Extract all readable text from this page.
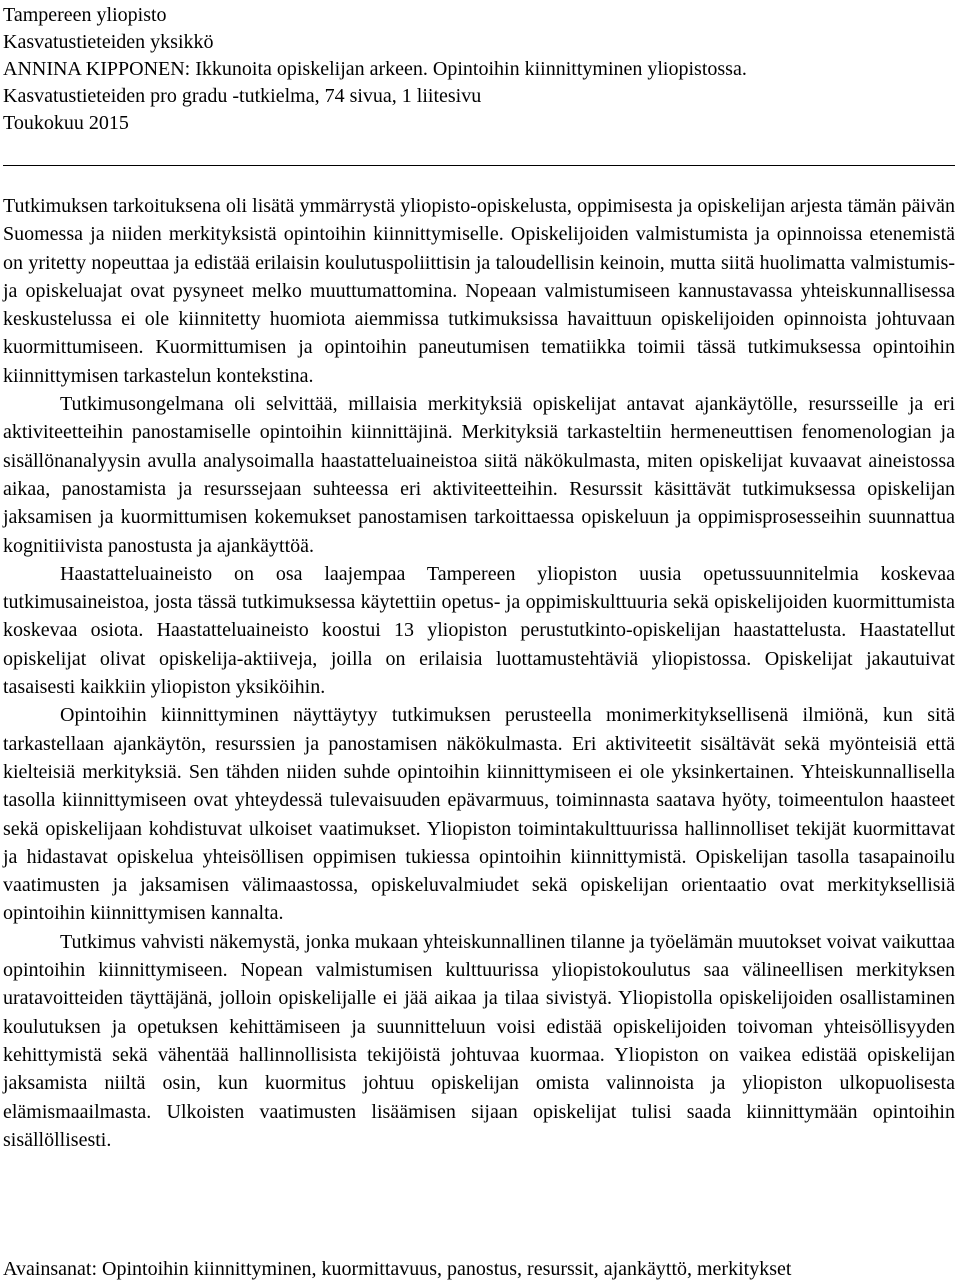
Tampereen yliopisto
Kasvatustieteiden yksikkö
ANNINA KIPPONEN: Ikkunoita opiskelijan arkeen. Opintoihin kiinnittyminen yliopistossa.
Kasvatustieteiden pro gradu -tutkielma, 74 sivua, 1 liitesivu
Toukokuu 2015

Tutkimuksen tarkoituksena oli lisätä ymmärrystä yliopisto-opiskelusta, oppimisesta ja opiskelijan arjesta tämän päivän Suomessa ja niiden merkityksistä opintoihin kiinnittymiselle. Opiskelijoiden valmistumista ja opinnoissa etenemistä on yritetty nopeuttaa ja edistää erilaisin koulutuspoliittisin ja taloudellisin keinoin, mutta siitä huolimatta valmistumis- ja opiskeluajat ovat pysyneet melko muuttumattomina. Nopeaan valmistumiseen kannustavassa yhteiskunnallisessa keskustelussa ei ole kiinnitetty huomiota aiemmissa tutkimuksissa havaittuun opiskelijoiden opinnoista johtuvaan kuormittumiseen. Kuormittumisen ja opintoihin paneutumisen tematiikka toimii tässä tutkimuksessa opintoihin kiinnittymisen tarkastelun kontekstina.

Tutkimusongelmana oli selvittää, millaisia merkityksiä opiskelijat antavat ajankäytölle, resursseille ja eri aktiviteetteihin panostamiselle opintoihin kiinnittäjinä. Merkityksiä tarkasteltiin hermeneuttisen fenomenologian ja sisällönanalyysin avulla analysoimalla haastatteluaineistoa siitä näkökulmasta, miten opiskelijat kuvaavat aineistossa aikaa, panostamista ja resurssejaan suhteessa eri aktiviteetteihin. Resurssit käsittävät tutkimuksessa opiskelijan jaksamisen ja kuormittumisen kokemukset panostamisen tarkoittaessa opiskeluun ja oppimisprosesseihin suunnattua kognitiivista panostusta ja ajankäyttöä.

Haastatteluaineisto on osa laajempaa Tampereen yliopiston uusia opetussuunnitelmia koskevaa tutkimusaineistoa, josta tässä tutkimuksessa käytettiin opetus- ja oppimiskulttuuria sekä opiskelijoiden kuormittumista koskevaa osiota. Haastatteluaineisto koostui 13 yliopiston perustutkinto-opiskelijan haastattelusta. Haastatellut opiskelijat olivat opiskelija-aktiiveja, joilla on erilaisia luottamustehtäviä yliopistossa. Opiskelijat jakautuivat tasaisesti kaikkiin yliopiston yksiköihin.

Opintoihin kiinnittyminen näyttäytyy tutkimuksen perusteella monimerkityksellisenä ilmiönä, kun sitä tarkastellaan ajankäytön, resurssien ja panostamisen näkökulmasta. Eri aktiviteetit sisältävät sekä myönteisiä että kielteisiä merkityksiä. Sen tähden niiden suhde opintoihin kiinnittymiseen ei ole yksinkertainen. Yhteiskunnallisella tasolla kiinnittymiseen ovat yhteydessä tulevaisuuden epävarmuus, toiminnasta saatava hyöty, toimeentulon haasteet sekä opiskelijaan kohdistuvat ulkoiset vaatimukset. Yliopiston toimintakulttuurissa hallinnolliset tekijät kuormittavat ja hidastavat opiskelua yhteisöllisen oppimisen tukiessa opintoihin kiinnittymistä. Opiskelijan tasolla tasapainoilu vaatimusten ja jaksamisen välimaastossa, opiskeluvalmiudet sekä opiskelijan orientaatio ovat merkityksellisiä opintoihin kiinnittymisen kannalta.

Tutkimus vahvisti näkemystä, jonka mukaan yhteiskunnallinen tilanne ja työelämän muutokset voivat vaikuttaa opintoihin kiinnittymiseen. Nopean valmistumisen kulttuurissa yliopistokoulutus saa välineellisen merkityksen uratavoitteiden täyttäjänä, jolloin opiskelijalle ei jää aikaa ja tilaa sivistyä. Yliopistolla opiskelijoiden osallistaminen koulutuksen ja opetuksen kehittämiseen ja suunnitteluun voisi edistää opiskelijoiden toivoman yhteisöllisyyden kehittymistä sekä vähentää hallinnollisista tekijöistä johtuvaa kuormaa. Yliopiston on vaikea edistää opiskelijan jaksamista niiltä osin, kun kuormitus johtuu opiskelijan omista valinnoista ja yliopiston ulkopuolisesta elämismaailmasta. Ulkoisten vaatimusten lisäämisen sijaan opiskelijat tulisi saada kiinnittymään opintoihin sisällöllisesti.

Avainsanat: Opintoihin kiinnittyminen, kuormittavuus, panostus, resurssit, ajankäyttö, merkitykset
